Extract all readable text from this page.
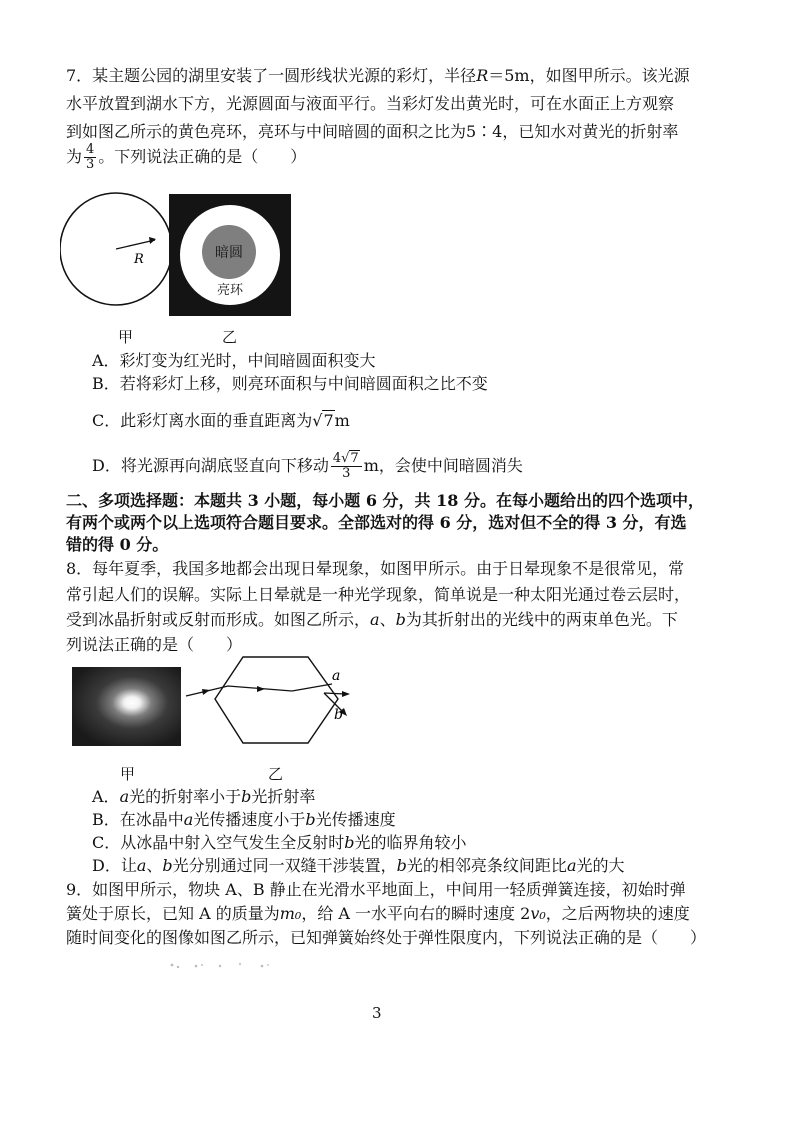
7．某主题公园的湖里安装了一圆形线状光源的彩灯，半径R＝5m，如图甲所示。该光源
水平放置到湖水下方，光源圆面与液面平行。当彩灯发出黄光时，可在水面正上方观察
到如图乙所示的黄色亮环，亮环与中间暗圆的面积之比为5∶4，已知水对黄光的折射率
为 $\frac{4}{3}$ 。下列说法正确的是（　　）
R	暗圆
亮环
甲	乙
A．彩灯变为红光时，中间暗圆面积变大
B．若将彩灯上移，则亮环面积与中间暗圆面积之比不变
C．此彩灯离水面的垂直距离为√7m
D．将光源再向湖底竖直向下移动 $\frac{4√7}{3}$ m，会使中间暗圆消失
二、多项选择题：本题共 3 小题，每小题 6 分，共 18 分。在每小题给出的四个选项中，
有两个或两个以上选项符合题目要求。全部选对的得 6 分，选对但不全的得 3 分，有选
错的得 0 分。
8．每年夏季，我国多地都会出现日晕现象，如图甲所示。由于日晕现象不是很常见，常
常引起人们的误解。实际上日晕就是一种光学现象，简单说是一种太阳光通过卷云层时，
受到冰晶折射或反射而形成。如图乙所示，a、b为其折射出的光线中的两束单色光。下
列说法正确的是（　　）
a
b
甲	乙
A．a光的折射率小于b光折射率
B．在冰晶中a光传播速度小于b光传播速度
C．从冰晶中射入空气发生全反射时b光的临界角较小
D．让a、b光分别通过同一双缝干涉装置，b光的相邻亮条纹间距比a光的大
9．如图甲所示，物块 A、B 静止在光滑水平地面上，中间用一轻质弹簧连接，初始时弹
簧处于原长，已知 A 的质量为m₀，给 A 一水平向右的瞬时速度 2v₀，之后两物块的速度
随时间变化的图像如图乙所示，已知弹簧始终处于弹性限度内，下列说法正确的是（　　）
3
